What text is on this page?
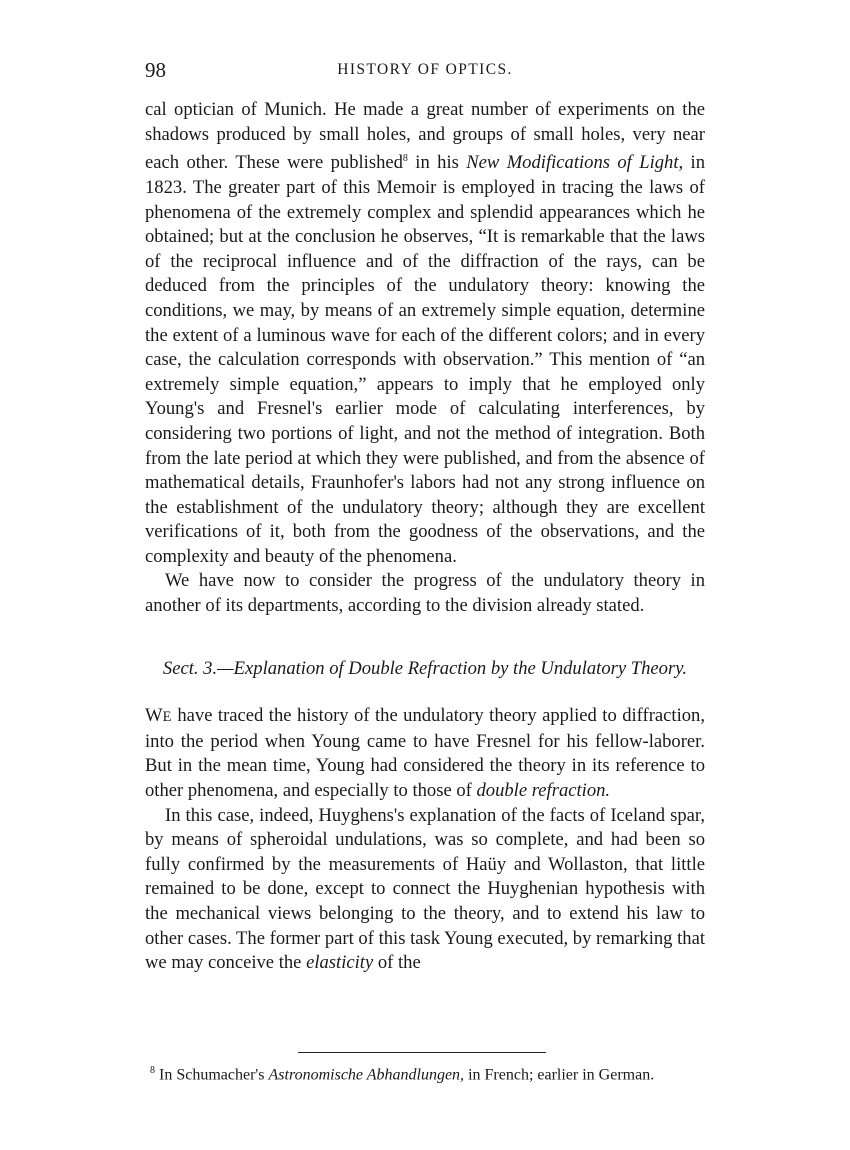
98	HISTORY OF OPTICS.

cal optician of Munich. He made a great number of experiments on the shadows produced by small holes, and groups of small holes, very near each other. These were published$^8$ in his New Modifications of Light, in 1823. The greater part of this Memoir is employed in tracing the laws of phenomena of the extremely complex and splendid appearances which he obtained; but at the conclusion he observes, “It is remarkable that the laws of the reciprocal influence and of the diffraction of the rays, can be deduced from the principles of the undulatory theory: knowing the conditions, we may, by means of an extremely simple equation, determine the extent of a luminous wave for each of the different colors; and in every case, the calculation corresponds with observation.” This mention of “an extremely simple equation,” appears to imply that he employed only Young's and Fresnel's earlier mode of calculating interferences, by considering two portions of light, and not the method of integration. Both from the late period at which they were published, and from the absence of mathematical details, Fraunhofer's labors had not any strong influence on the establishment of the undulatory theory; although they are excellent verifications of it, both from the goodness of the observations, and the complexity and beauty of the phenomena.

We have now to consider the progress of the undulatory theory in another of its departments, according to the division already stated.

Sect. 3.—Explanation of Double Refraction by the Undulatory Theory.

WE have traced the history of the undulatory theory applied to diffraction, into the period when Young came to have Fresnel for his fellow-laborer. But in the mean time, Young had considered the theory in its reference to other phenomena, and especially to those of double refraction.

In this case, indeed, Huyghens's explanation of the facts of Iceland spar, by means of spheroidal undulations, was so complete, and had been so fully confirmed by the measurements of Haüy and Wollaston, that little remained to be done, except to connect the Huyghenian hypothesis with the mechanical views belonging to the theory, and to extend his law to other cases. The former part of this task Young executed, by remarking that we may conceive the elasticity of the

$^8$ In Schumacher's Astronomische Abhandlungen, in French; earlier in German.
